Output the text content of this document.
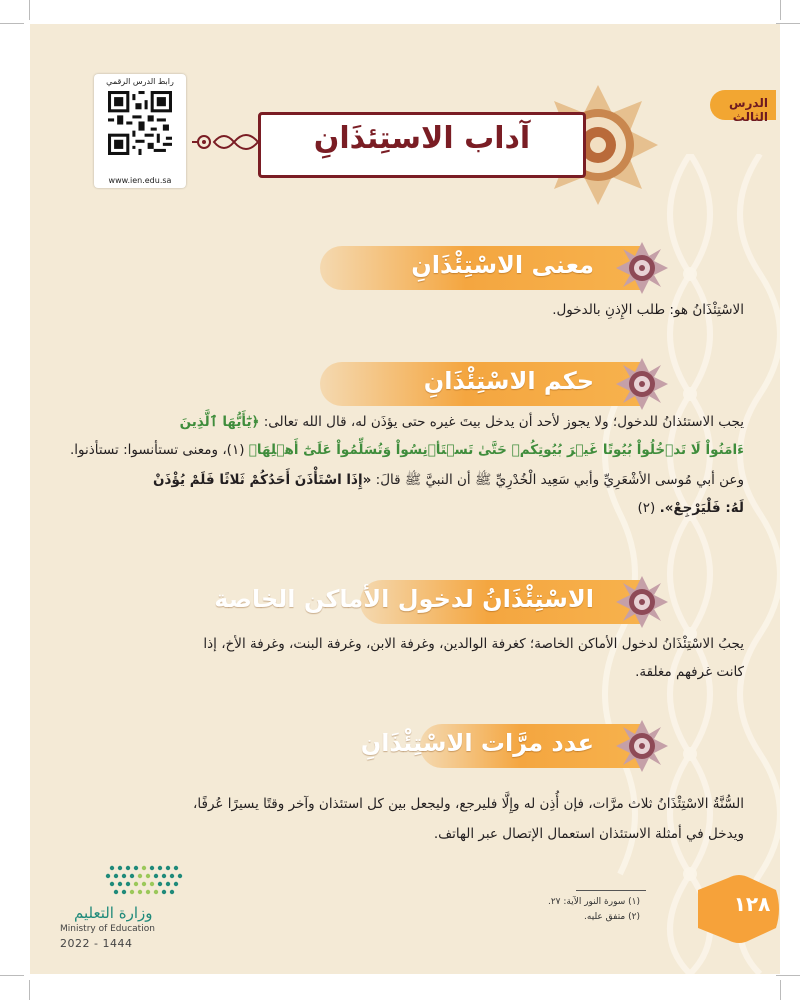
رابط الدرس الرقمي
www.ien.edu.sa
الدرس الثالث
آداب الاستِئذَانِ
معنى الاسْتِئْذَانِ
الاسْتِئْذَانُ هو: طلب الإِذنِ بالدخول.
حكم الاسْتِئْذَانِ
يجب الاستئذانُ للدخول؛ ولا يجوز لأحد أن يدخل بيتَ غيره حتى يؤذَن له، قال الله تعالى: ﴿يَٰٓأَيُّهَا ٱلَّذِينَ
ءَامَنُواْ لَا تَدۡخُلُواْ بُيُوتًا غَيۡرَ بُيُوتِكُمۡ حَتَّىٰ تَسۡتَأۡنِسُواْ وَتُسَلِّمُواْ عَلَىٰٓ أَهۡلِهَا﴾ (١)، ومعنى تستأنسوا: تستأذنوا.
وعن أبي مُوسى الأشْعَرِيِّ وأبي سَعِيد الْخُدْرِيِّ ﷺ أن النبيَّ ﷺ قالَ: «إِذَا اسْتَأْذَنَ أَحَدُكُمْ ثَلاثًا فَلَمْ يُؤْذَنْ
لَهُ: فَلْيَرْجِعْ». (٢)
الاسْتِئْذَانُ لدخول الأماكن الخاصة
يجبُ الاسْتِئْذَانُ لدخول الأماكن الخاصة؛ كغرفة الوالدين، وغرفة الابن، وغرفة البنت، وغرفة الأخ، إذا
كانت غرفهم مغلقة.
عدد مرَّات الاسْتِئْذَانِ
السُّنَّةُ الاسْتِئْذَانُ ثلاث مرَّات، فإن أُذِن له وإِلَّا فليرجع، وليجعل بين كل استئذان وآخر وقتًا يسيرًا عُرفًا،
ويدخل في أمثلة الاستئذان استعمال الإتصال عبر الهاتف.
(١) سورة النور الآية: ٢٧.
(٢) متفق عليه.
١٢٨
وزارة التعليم
Ministry of Education
2022 - 1444
